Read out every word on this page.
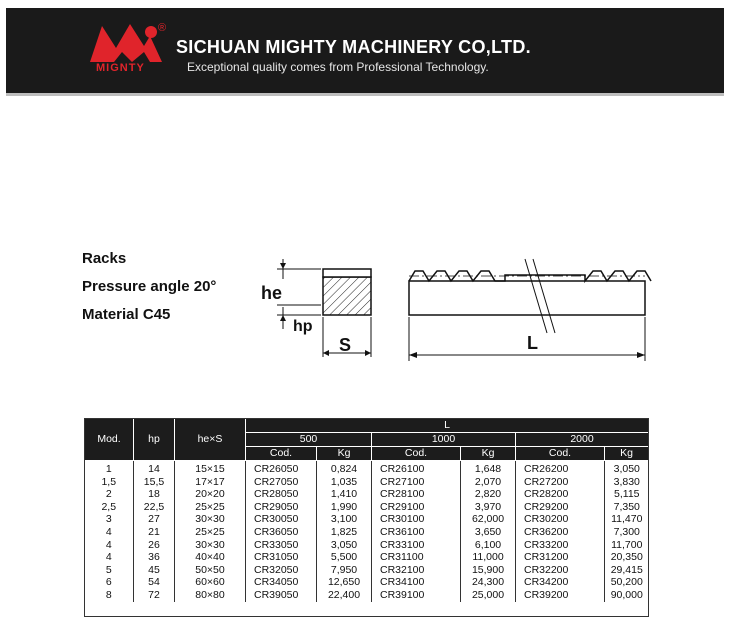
®
MIGNTY
SICHUAN MIGHTY MACHINERY CO,LTD.
Exceptional quality comes from Professional Technology.
Racks
Pressure angle 20°
Material C45
he
hp
S	L
Mod.	hp	he×S	L					
			500		1000		2000	
			Cod.	Kg	Cod.	Kg	Cod.	Kg
1	14	15×15	CR26050	0,824	CR26100	1,648	CR26200	3,050
1,5	15,5	17×17	CR27050	1,035	CR27100	2,070	CR27200	3,830
2	18	20×20	CR28050	1,410	CR28100	2,820	CR28200	5,115
2,5	22,5	25×25	CR29050	1,990	CR29100	3,970	CR29200	7,350
3	27	30×30	CR30050	3,100	CR30100	62,000	CR30200	11,470
4	21	25×25	CR36050	1,825	CR36100	3,650	CR36200	7,300
4	26	30×30	CR33050	3,050	CR33100	6,100	CR33200	11,700
4	36	40×40	CR31050	5,500	CR31100	11,000	CR31200	20,350
5	45	50×50	CR32050	7,950	CR32100	15,900	CR32200	29,415
6	54	60×60	CR34050	12,650	CR34100	24,300	CR34200	50,200
8	72	80×80	CR39050	22,400	CR39100	25,000	CR39200	90,000
